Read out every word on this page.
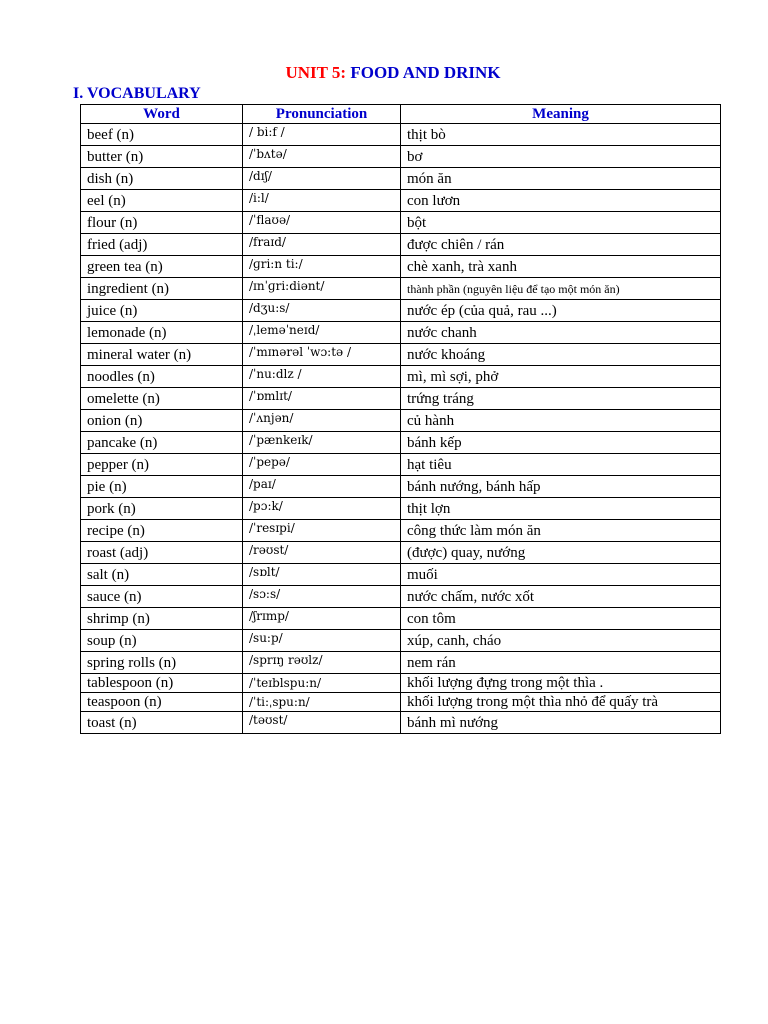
UNIT 5: FOOD AND DRINK
I. VOCABULARY
Word	Pronunciation	Meaning
beef (n)	/ bi:f /	thịt bò
butter (n)	/ˈbʌtə/	bơ
dish (n)	/dɪʃ/	món ăn
eel (n)	/i:l/	con lươn
flour (n)	/ˈflaʊə/	bột
fried (adj)	/fraɪd/	được chiên / rán
green tea (n)	/ɡri:n ti:/	chè xanh, trà xanh
ingredient (n)	/ɪnˈɡri:diənt/	thành phần (nguyên liệu để tạo một món ăn)
juice (n)	/dʒu:s/	nước ép (của quả, rau ...)
lemonade (n)	/ˌleməˈneɪd/	nước chanh
mineral water (n)	/ˈmɪnərəl ˈwɔ:tə /	nước khoáng
noodles (n)	/ˈnu:dlz /	mì, mì sợi, phở
omelette (n)	/ˈɒmlɪt/	trứng tráng
onion (n)	/ˈʌnjən/	củ hành
pancake (n)	/ˈpænkeɪk/	bánh kếp
pepper (n)	/ˈpepə/	hạt tiêu
pie (n)	/paɪ/	bánh nướng, bánh hấp
pork (n)	/pɔ:k/	thịt lợn
recipe (n)	/ˈresɪpi/	công thức làm món ăn
roast (adj)	/rəʊst/	(được) quay, nướng
salt (n)	/sɒlt/	muối
sauce (n)	/sɔ:s/	nước chấm, nước xốt
shrimp (n)	/ʃrɪmp/	con tôm
soup (n)	/su:p/	xúp, canh, cháo
spring rolls (n)	/sprɪŋ rəʊlz/	nem rán
tablespoon (n)	/ˈteɪblspu:n/	khối lượng đựng trong một thìa .
teaspoon (n)	/ˈti:ˌspu:n/	khối lượng trong một thìa nhỏ để quấy trà
toast (n)	/təʊst/	bánh mì nướng
